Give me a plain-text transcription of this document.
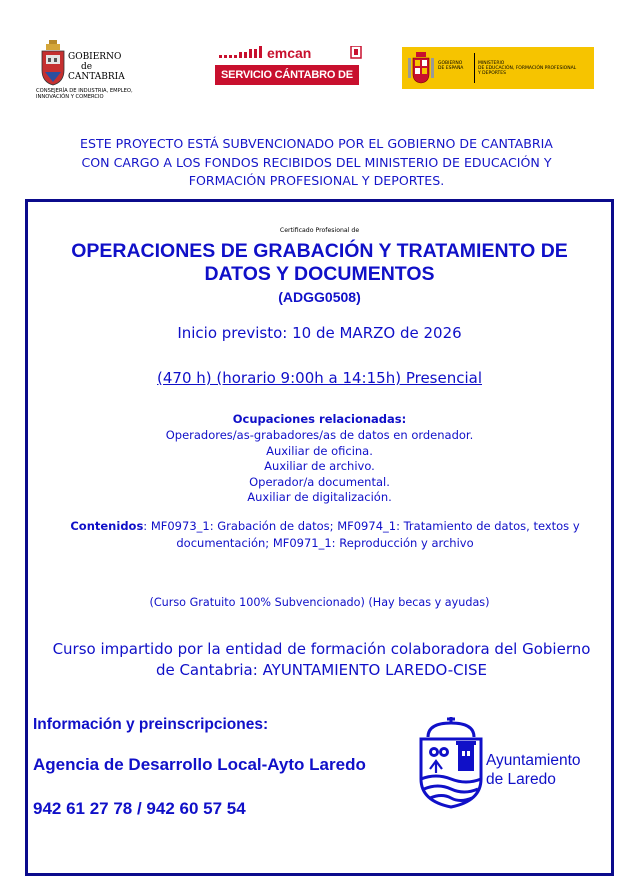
GOBIERNO
de
CANTABRIA
CONSEJERÍA DE INDUSTRIA, EMPLEO,
INNOVACIÓN Y COMERCIO
emcan
SERVICIO CÁNTABRO DE EMPLEO
GOBIERNO
DE ESPAÑA
MINISTERIO
DE EDUCACIÓN, FORMACIÓN PROFESIONAL
Y DEPORTES
ESTE PROYECTO ESTÁ SUBVENCIONADO POR EL GOBIERNO DE CANTABRIA
CON CARGO A LOS FONDOS RECIBIDOS DEL MINISTERIO DE EDUCACIÓN Y
FORMACIÓN PROFESIONAL Y DEPORTES.
Certificado Profesional de
OPERACIONES DE GRABACIÓN Y TRATAMIENTO DE
DATOS Y DOCUMENTOS
(ADGG0508)
Inicio previsto: 10 de MARZO de 2026
(470 h) (horario 9:00h a 14:15h) Presencial
Ocupaciones relacionadas:
Operadores/as-grabadores/as de datos en ordenador.
Auxiliar de oficina.
Auxiliar de archivo.
Operador/a documental.
Auxiliar de digitalización.
Contenidos: MF0973_1: Grabación de datos; MF0974_1: Tratamiento de datos, textos y documentación; MF0971_1: Reproducción y archivo
(Curso Gratuito 100% Subvencionado) (Hay becas y ayudas)
Curso impartido por la entidad de formación colaboradora del Gobierno
de Cantabria: AYUNTAMIENTO LAREDO-CISE
Información y preinscripciones:
Agencia de Desarrollo Local-Ayto Laredo
942 61 27 78 / 942 60 57 54
Ayuntamiento
de Laredo
